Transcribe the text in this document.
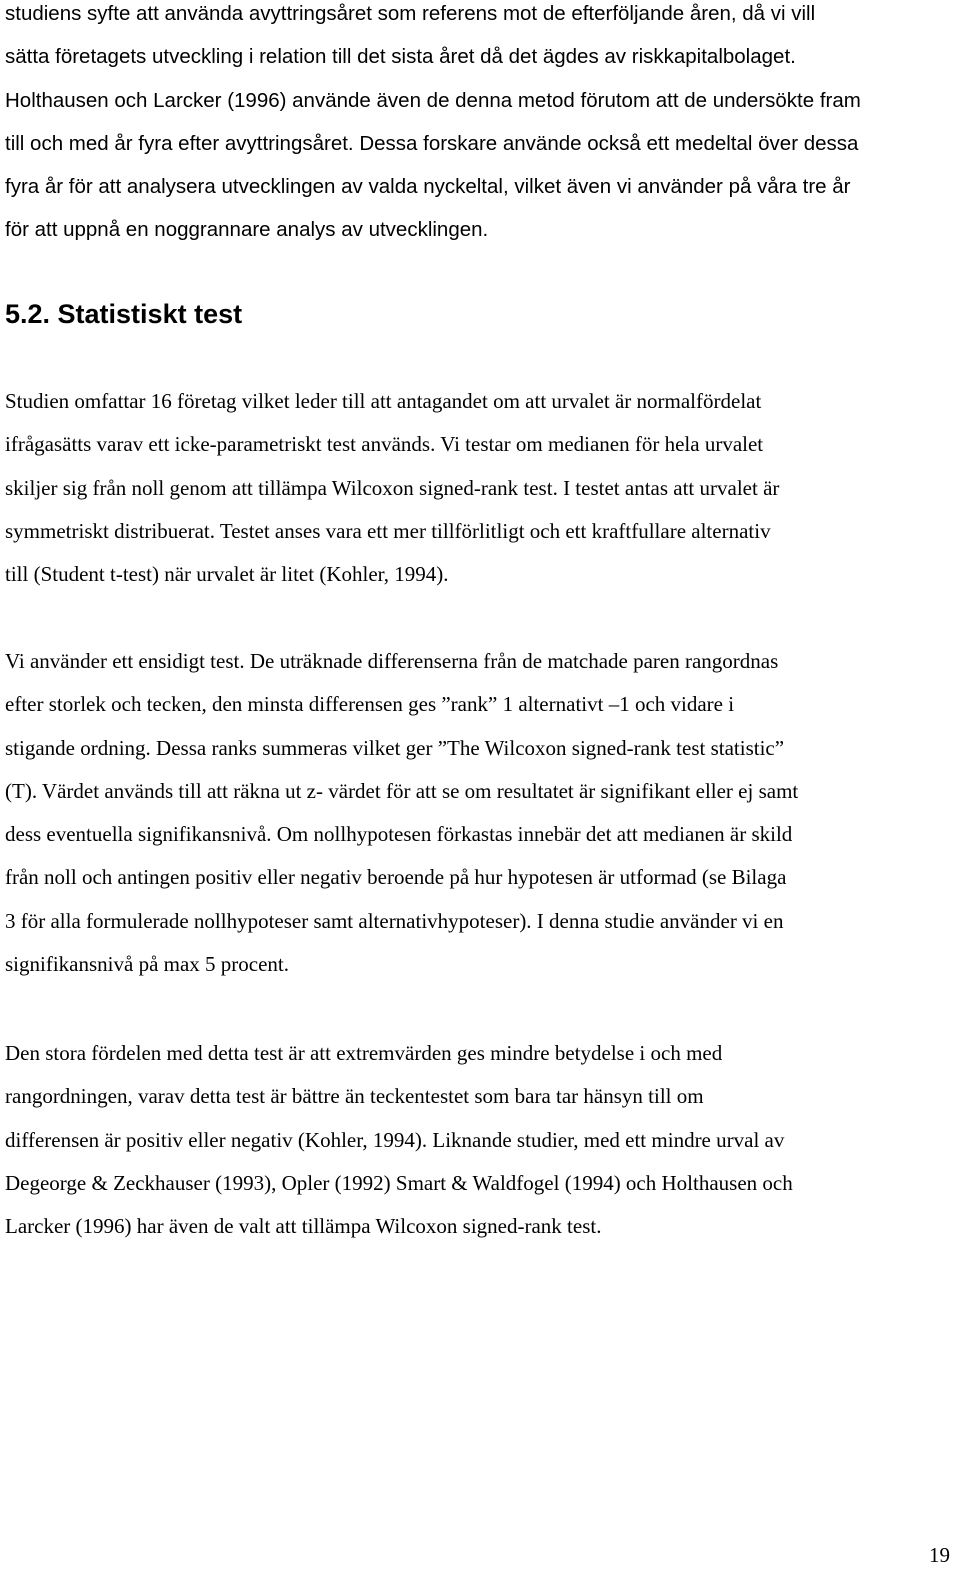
studiens syfte att använda avyttringsåret som referens mot de efterföljande åren, då vi vill
sätta företagets utveckling i relation till det sista året då det ägdes av riskkapitalbolaget.
Holthausen och Larcker (1996) använde även de denna metod förutom att de undersökte fram
till och med år fyra efter avyttringsåret. Dessa forskare använde också ett medeltal över dessa
fyra år för att analysera utvecklingen av valda nyckeltal, vilket även vi använder på våra tre år
för att uppnå en noggrannare analys av utvecklingen.

5.2. Statistiskt test

Studien omfattar 16 företag vilket leder till att antagandet om att urvalet är normalfördelat
ifrågasätts varav ett icke-parametriskt test används. Vi testar om medianen för hela urvalet
skiljer sig från noll genom att tillämpa Wilcoxon signed-rank test. I testet antas att urvalet är
symmetriskt distribuerat. Testet anses vara ett mer tillförlitligt och ett kraftfullare alternativ
till (Student t-test) när urvalet är litet (Kohler, 1994).

Vi använder ett ensidigt test. De uträknade differenserna från de matchade paren rangordnas
efter storlek och tecken, den minsta differensen ges ”rank” 1 alternativt –1 och vidare i
stigande ordning. Dessa ranks summeras vilket ger ”The Wilcoxon signed-rank test statistic”
(T). Värdet används till att räkna ut z- värdet för att se om resultatet är signifikant eller ej samt
dess eventuella signifikansnivå. Om nollhypotesen förkastas innebär det att medianen är skild
från noll och antingen positiv eller negativ beroende på hur hypotesen är utformad (se Bilaga
3 för alla formulerade nollhypoteser samt alternativhypoteser). I denna studie använder vi en
signifikansnivå på max 5 procent.

Den stora fördelen med detta test är att extremvärden ges mindre betydelse i och med
rangordningen, varav detta test är bättre än teckentestet som bara tar hänsyn till om
differensen är positiv eller negativ (Kohler, 1994). Liknande studier, med ett mindre urval av
Degeorge & Zeckhauser (1993), Opler (1992) Smart & Waldfogel (1994) och Holthausen och
Larcker (1996) har även de valt att tillämpa Wilcoxon signed-rank test.

19
